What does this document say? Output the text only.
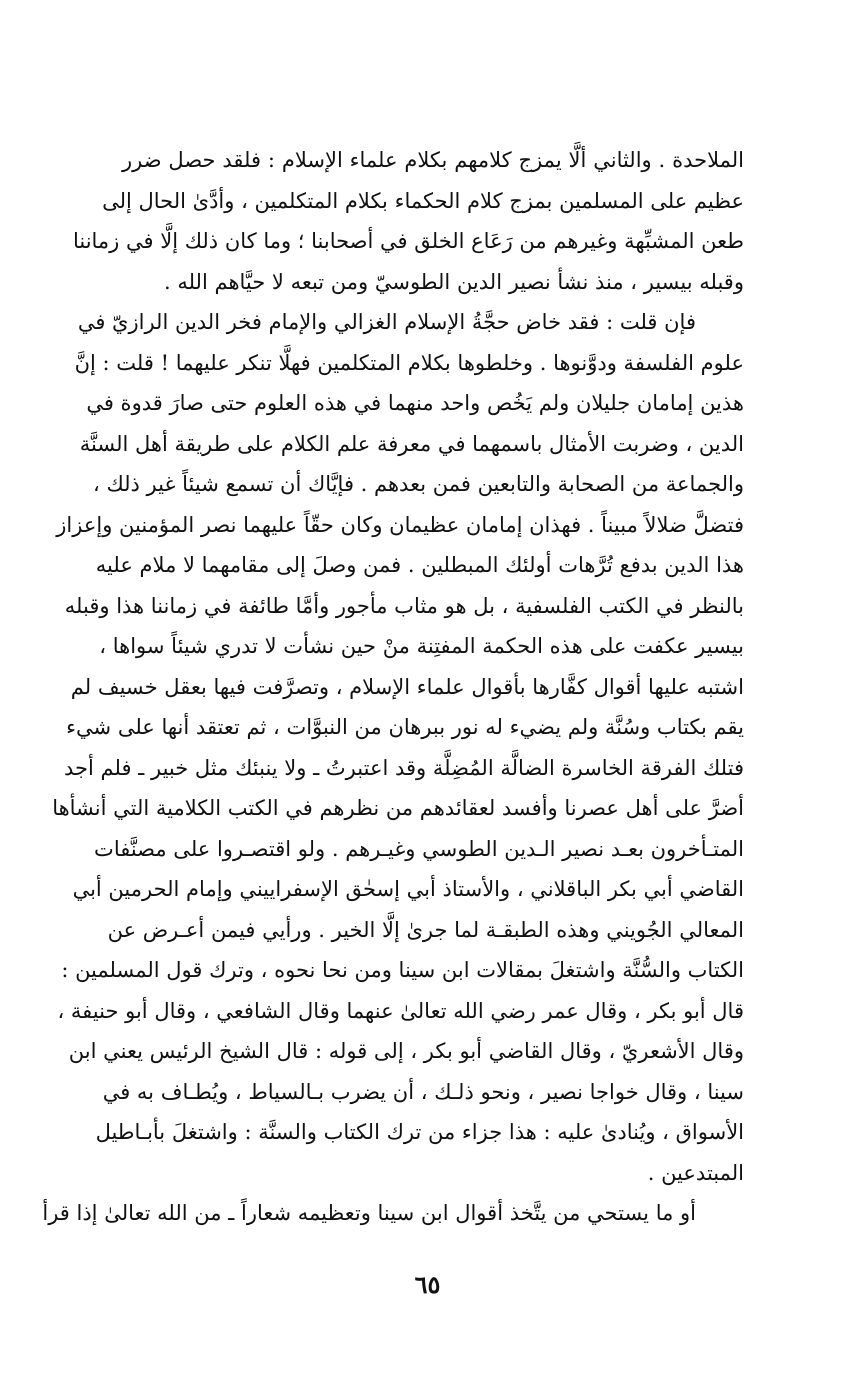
الملاحدة . والثاني ألَّا يمزج كلامهم بكلام علماء الإسلام : فلقد حصل ضرر
عظيم على المسلمين بمزج كلام الحكماء بكلام المتكلمين ، وأدَّىٰ الحال إلى
طعن المشبِّهة وغيرهم من رَعَاع الخلق في أصحابنا ؛ وما كان ذلك إلَّا في زماننا
وقبله بيسير ، منذ نشأ نصير الدين الطوسيّ ومن تبعه لا حيَّاهم الله .
فإن قلت : فقد خاض حجَّةُ الإسلام الغزالي والإمام فخر الدين الرازيّ في
علوم الفلسفة ودوَّنوها . وخلطوها بكلام المتكلمين فهلَّا تنكر عليهما ! قلت : إنَّ
هذين إمامان جليلان ولم يَخُص واحد منهما في هذه العلوم حتى صارَ قدوة في
الدين ، وضربت الأمثال باسمهما في معرفة علم الكلام على طريقة أهل السنَّة
والجماعة من الصحابة والتابعين فمن بعدهم . فإيَّاك أن تسمع شيئاً غير ذلك ،
فتضلَّ ضلالاً مبيناً . فهذان إمامان عظيمان وكان حقّاً عليهما نصر المؤمنين وإعزاز
هذا الدين بدفع تُرَّهات أولئك المبطلين . فمن وصلَ إلى مقامهما لا ملام عليه
بالنظر في الكتب الفلسفية ، بل هو مثاب مأجور وأمَّا طائفة في زماننا هذا وقبله
بيسير عكفت على هذه الحكمة المفتِنة منْ حين نشأت لا تدري شيئاً سواها ،
اشتبه عليها أقوال كفَّارها بأقوال علماء الإسلام ، وتصرَّفت فيها بعقل خسيف لم
يقم بكتاب وسُنَّة ولم يضيء له نور ببرهان من النبوَّات ، ثم تعتقد أنها على شيء
فتلك الفرقة الخاسرة الضالَّة المُضِلَّة وقد اعتبرتُ ـ ولا ينبئك مثل خبير ـ فلم أجد
أضرَّ على أهل عصرنا وأفسد لعقائدهم من نظرهم في الكتب الكلامية التي أنشأها
المتـأخرون بعـد نصير الـدين الطوسي وغيـرهم . ولو اقتصـروا على مصنَّفات
القاضي أبي بكر الباقلاني ، والأستاذ أبي إسحٰق الإسفراييني وإمام الحرمين أبي
المعالي الجُويني وهذه الطبقـة لما جرىٰ إلَّا الخير . ورأيي فيمن أعـرض عن
الكتاب والسُّنَّة واشتغلَ بمقالات ابن سينا ومن نحا نحوه ، وترك قول المسلمين :
قال أبو بكر ، وقال عمر رضي الله تعالىٰ عنهما وقال الشافعي ، وقال أبو حنيفة ،
وقال الأشعريّ ، وقال القاضي أبو بكر ، إلى قوله : قال الشيخ الرئيس يعني ابن
سينا ، وقال خواجا نصير ، ونحو ذلـك ، أن يضرب بـالسياط ، ويُطـاف به في
الأسواق ، ويُنادىٰ عليه : هذا جزاء من ترك الكتاب والسنَّة : واشتغلَ بأبـاطيل
المبتدعين .
أو ما يستحي من يتَّخذ أقوال ابن سينا وتعظيمه شعاراً ـ من الله تعالىٰ إذا قرأ
٦٥
